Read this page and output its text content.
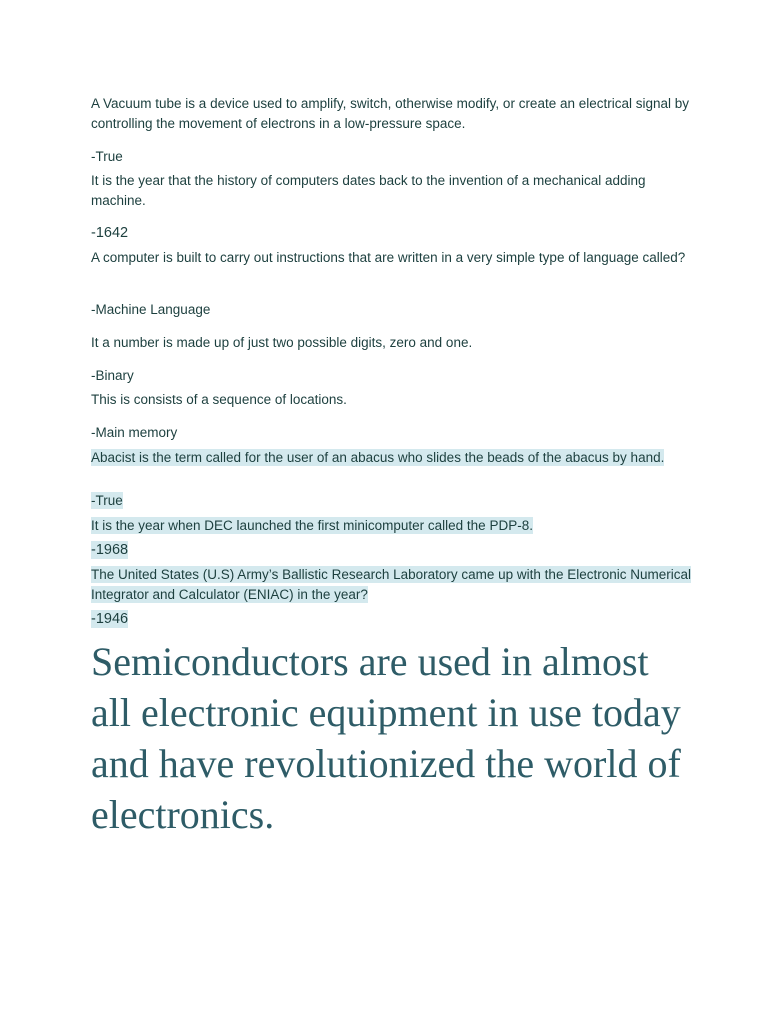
A Vacuum tube is a device used to amplify, switch, otherwise modify, or create an electrical signal by controlling the movement of electrons in a low-pressure space.

-True

It is the year that the history of computers dates back to the invention of a mechanical adding machine.

-1642

A computer is built to carry out instructions that are written in a very simple type of language called?

-Machine Language

It a number is made up of just two possible digits, zero and one.

-Binary

This is consists of a sequence of locations.

-Main memory

Abacist is the term called for the user of an abacus who slides the beads of the abacus by hand.

-True

It is the year when DEC launched the first minicomputer called the PDP-8.

-1968

The United States (U.S) Army’s Ballistic Research Laboratory came up with the Electronic Numerical Integrator and Calculator (ENIAC) in the year?

-1946

Semiconductors are used in almost all electronic equipment in use today and have revolutionized the world of electronics.
